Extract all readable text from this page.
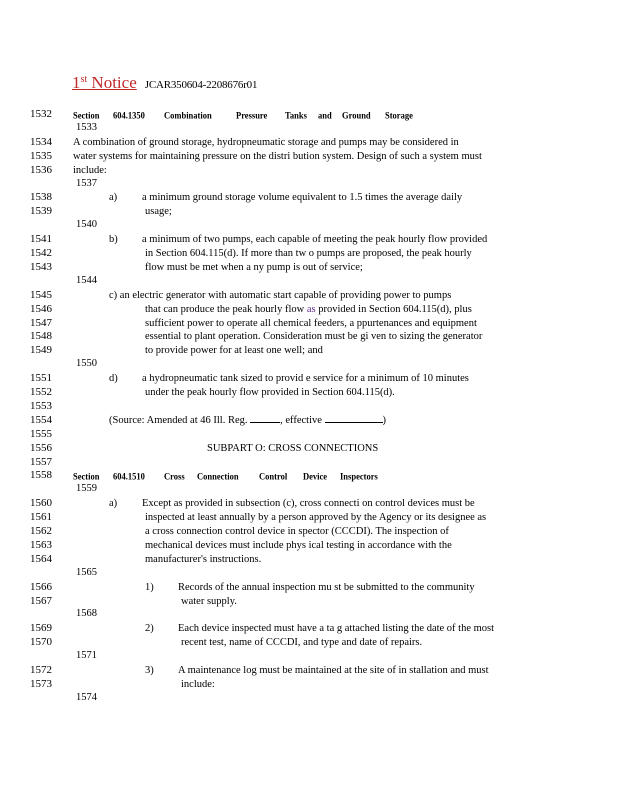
1st Notice JCAR350604-2208676r01
1532
1534
1535
1536
1538
1539
1541
1542
1543
1545
1546
1547
1548
1549
1551
1552
1553
1554
1555
1556
1557
1558
1560
1561
1562
1563
1564
1566
1567
1569
1570
1572
1573
1533
1537
1540
1544
1550
1559
1565
1568
1571
1574
Section 604.1350 Combination	Pressure Tanks and Ground Storage
A combination of ground storage, hydropneumatic storage and pumps may be considered in
water systems for maintaining pressure on the distri bution system. Design of such a system must
include:
a) a minimum ground storage volume equivalent to 1.5 times the average daily
usage;
b) a minimum of two pumps, each capable of meeting the peak hourly flow provided
in Section 604.115(d). If more than tw o pumps are proposed, the peak hourly
flow must be met when a ny pump is out of service;
c) an electric generator with automatic start capable of providing power to pumps
that can produce the peak hourly flow as provided in Section 604.115(d), plus
sufficient power to operate all chemical feeders, a ppurtenances and equipment
essential to plant operation. Consideration must be gi ven to sizing the generator
to provide power for at least one well; and
d) a hydropneumatic tank sized to provid e service for a minimum of 10 minutes
under the peak hourly flow provided in Section 604.115(d).
(Source: Amended at 46 Ill. Reg.	, effective	)
SUBPART O: CROSS CONNECTIONS
Section 604.1510 Cross Connection Control Device Inspectors
a) Except as provided in subsection (c), cross connecti on control devices must be
inspected at least annually by a person approved by the Agency or its designee as
a cross connection control device in spector (CCCDI). The inspection of
mechanical devices must include phys ical testing in accordance with the
manufacturer's instructions.
1) Records of the annual inspection mu st be submitted to the community
water supply.
2) Each device inspected must have a ta g attached listing the date of the most
recent test, name of CCCDI, and type and date of repairs.
3) A maintenance log must be maintained at the site of in stallation and must
include:
